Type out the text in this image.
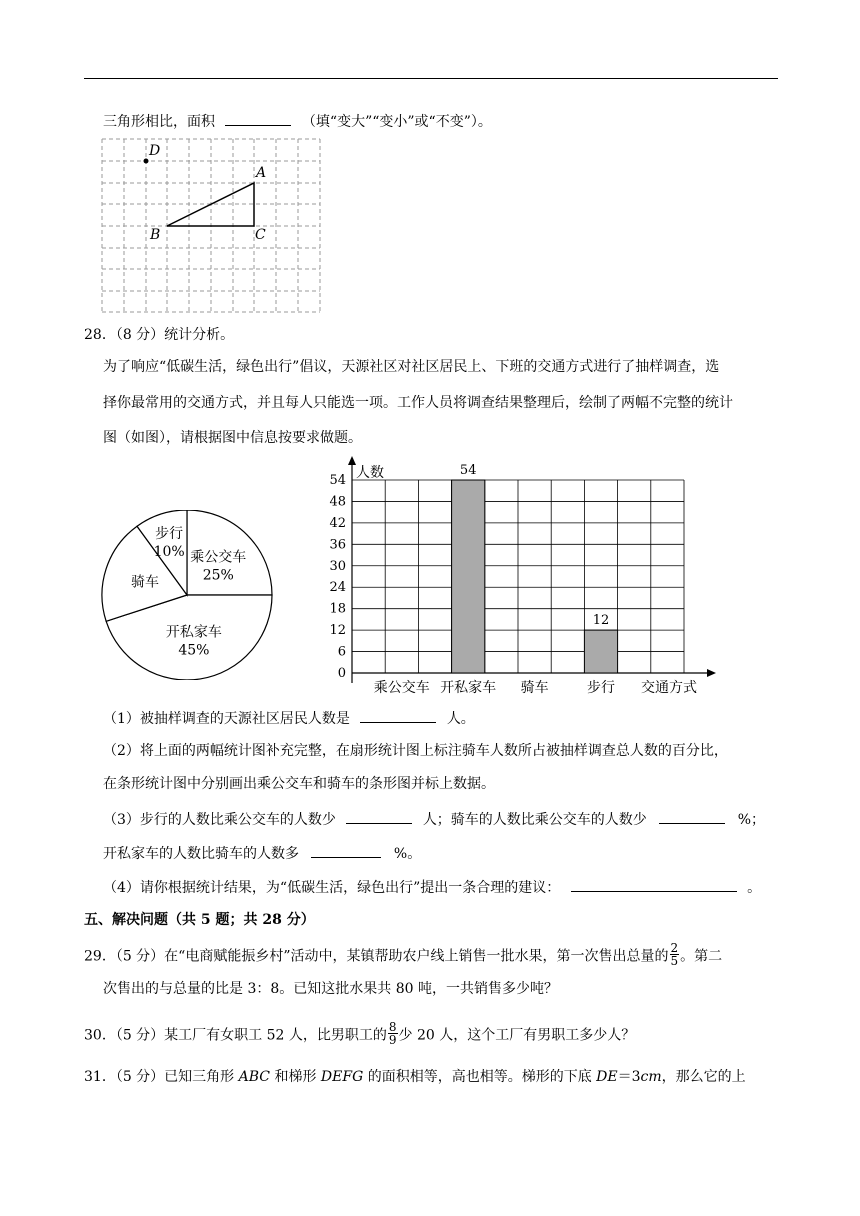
三角形相比，面积	（填“变大”“变小”或“不变”）。
D
A
B	C
28．（8 分）统计分析。
为了响应“低碳生活，绿色出行”倡议，天源社区对社区居民上、下班的交通方式进行了抽样调查，选
择你最常用的交通方式，并且每人只能选一项。工作人员将调查结果整理后，绘制了两幅不完整的统计
图（如图），请根据图中信息按要求做题。
乘公交车
25%
开私家车
45%
骑车
步行
10%
0
6
12
18
24
30
36
42
48
54 人数
乘公交车 开私家车
54
骑车	步行
12
交通方式
（1）被抽样调查的天源社区居民人数是	人。
（2）将上面的两幅统计图补充完整，在扇形统计图上标注骑车人数所占被抽样调查总人数的百分比，
在条形统计图中分别画出乘公交车和骑车的条形图并标上数据。
（3）步行的人数比乘公交车的人数少	人；骑车的人数比乘公交车的人数少	%；
开私家车的人数比骑车的人数多	%。
（4）请你根据统计结果，为“低碳生活，绿色出行”提出一条合理的建议：	。
五、解决问题（共 5 题；共 28 分）
29．（5 分）在“电商赋能振乡村”活动中，某镇帮助农户线上销售一批水果，第一次售出总量的 $\frac{2}{5}$ 。第二
次售出的与总量的比是 3：8。已知这批水果共 80 吨，一共销售多少吨？
30．（5 分）某工厂有女职工 52 人，比男职工的 $\frac{8}{9}$ 少 20 人，这个工厂有男职工多少人？
31．（5 分）已知三角形 ABC 和梯形 DEFG 的面积相等，高也相等。梯形的下底 DE＝3cm，那么它的上
